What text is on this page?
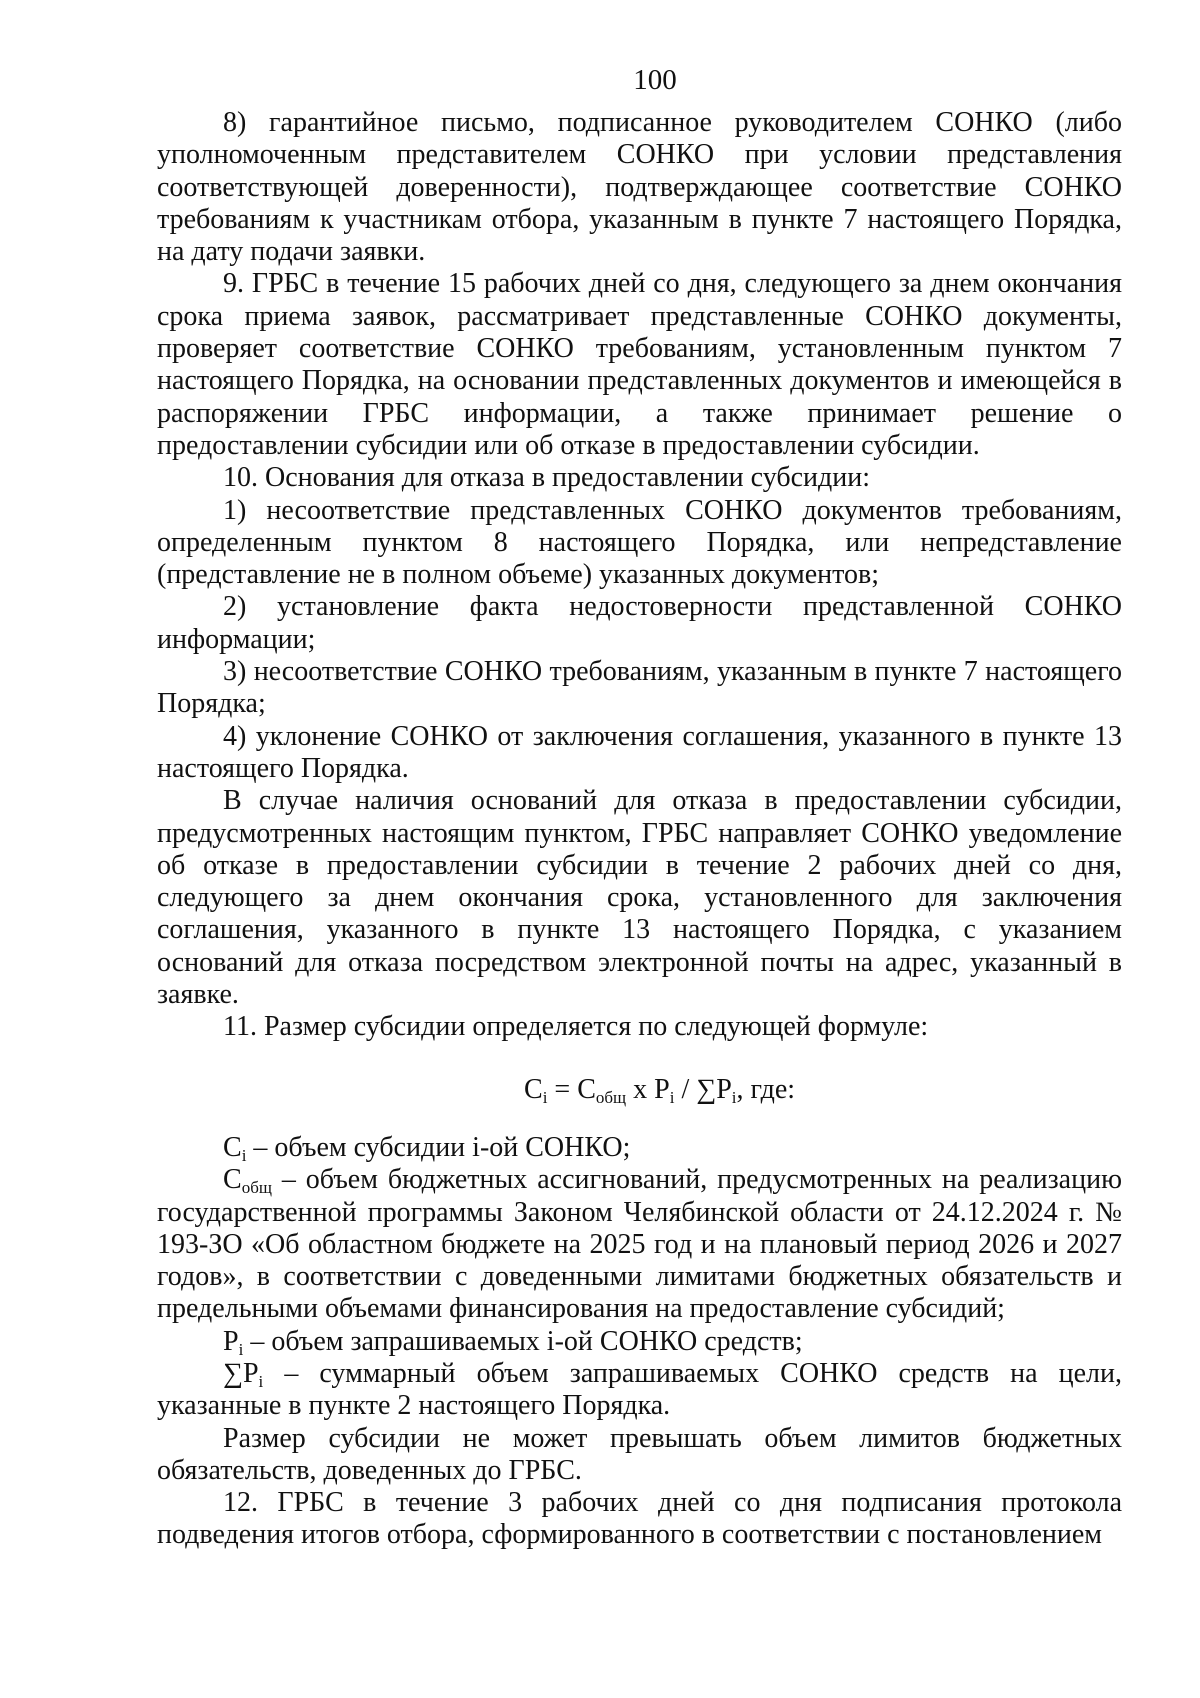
100

8) гарантийное письмо, подписанное руководителем СОНКО (либо уполномоченным представителем СОНКО при условии представления соответствующей доверенности), подтверждающее соответствие СОНКО требованиям к участникам отбора, указанным в пункте 7 настоящего Порядка, на дату подачи заявки.

9. ГРБС в течение 15 рабочих дней со дня, следующего за днем окончания срока приема заявок, рассматривает представленные СОНКО документы, проверяет соответствие СОНКО требованиям, установленным пунктом 7 настоящего Порядка, на основании представленных документов и имеющейся в распоряжении ГРБС информации, а также принимает решение о предоставлении субсидии или об отказе в предоставлении субсидии.

10. Основания для отказа в предоставлении субсидии:

1) несоответствие представленных СОНКО документов требованиям, определенным пунктом 8 настоящего Порядка, или непредставление (представление не в полном объеме) указанных документов;

2) установление факта недостоверности представленной СОНКО информации;

3) несоответствие СОНКО требованиям, указанным в пункте 7 настоящего Порядка;

4) уклонение СОНКО от заключения соглашения, указанного в пункте 13 настоящего Порядка.

В случае наличия оснований для отказа в предоставлении субсидии, предусмотренных настоящим пунктом, ГРБС направляет СОНКО уведомление об отказе в предоставлении субсидии в течение 2 рабочих дней со дня, следующего за днем окончания срока, установленного для заключения соглашения, указанного в пункте 13 настоящего Порядка, с указанием оснований для отказа посредством электронной почты на адрес, указанный в заявке.

11. Размер субсидии определяется по следующей формуле:

$C_i = C_{общ}$ x $P_i / \sum P_i$, где:

$C_i$ – объем субсидии i-ой СОНКО;

$C_{общ}$ – объем бюджетных ассигнований, предусмотренных на реализацию государственной программы Законом Челябинской области от 24.12.2024 г. № 193-ЗО «Об областном бюджете на 2025 год и на плановый период 2026 и 2027 годов», в соответствии с доведенными лимитами бюджетных обязательств и предельными объемами финансирования на предоставление субсидий;

$P_i$ – объем запрашиваемых i-ой СОНКО средств;

$\sum P_i$ – суммарный объем запрашиваемых СОНКО средств на цели, указанные в пункте 2 настоящего Порядка.

Размер субсидии не может превышать объем лимитов бюджетных обязательств, доведенных до ГРБС.

12. ГРБС в течение 3 рабочих дней со дня подписания протокола подведения итогов отбора, сформированного в соответствии с постановлением
